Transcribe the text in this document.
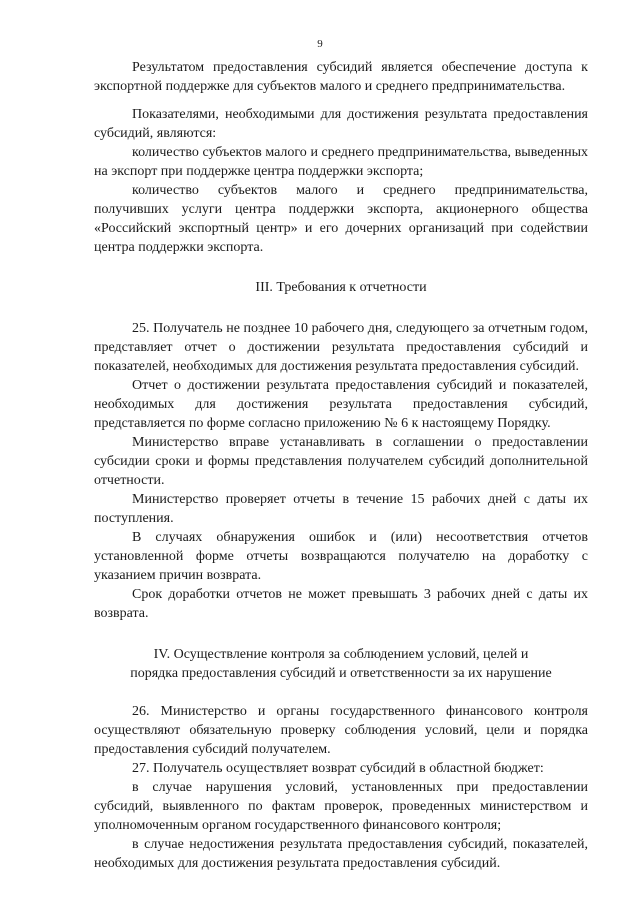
9

Результатом предоставления субсидий является обеспечение доступа к экспортной поддержке для субъектов малого и среднего предпринимательства.

Показателями, необходимыми для достижения результата предоставления субсидий, являются:

количество субъектов малого и среднего предпринимательства, выведенных на экспорт при поддержке центра поддержки экспорта;

количество субъектов малого и среднего предпринимательства, получивших услуги центра поддержки экспорта, акционерного общества «Российский экспортный центр» и его дочерних организаций при содействии центра поддержки экспорта.

III. Требования к отчетности

25. Получатель не позднее 10 рабочего дня, следующего за отчетным годом, представляет отчет о достижении результата предоставления субсидий и показателей, необходимых для достижения результата предоставления субсидий.

Отчет о достижении результата предоставления субсидий и показателей, необходимых для достижения результата предоставления субсидий, представляется по форме согласно приложению № 6 к настоящему Порядку.

Министерство вправе устанавливать в соглашении о предоставлении субсидии сроки и формы представления получателем субсидий дополнительной отчетности.

Министерство проверяет отчеты в течение 15 рабочих дней с даты их поступления.

В случаях обнаружения ошибок и (или) несоответствия отчетов установленной форме отчеты возвращаются получателю на доработку с указанием причин возврата.

Срок доработки отчетов не может превышать 3 рабочих дней с даты их возврата.

IV. Осуществление контроля за соблюдением условий, целей и
порядка предоставления субсидий и ответственности за их нарушение

26. Министерство и органы государственного финансового контроля осуществляют обязательную проверку соблюдения условий, цели и порядка предоставления субсидий получателем.

27. Получатель осуществляет возврат субсидий в областной бюджет:

в случае нарушения условий, установленных при предоставлении субсидий, выявленного по фактам проверок, проведенных министерством и уполномоченным органом государственного финансового контроля;

в случае недостижения результата предоставления субсидий, показателей, необходимых для достижения результата предоставления субсидий.
